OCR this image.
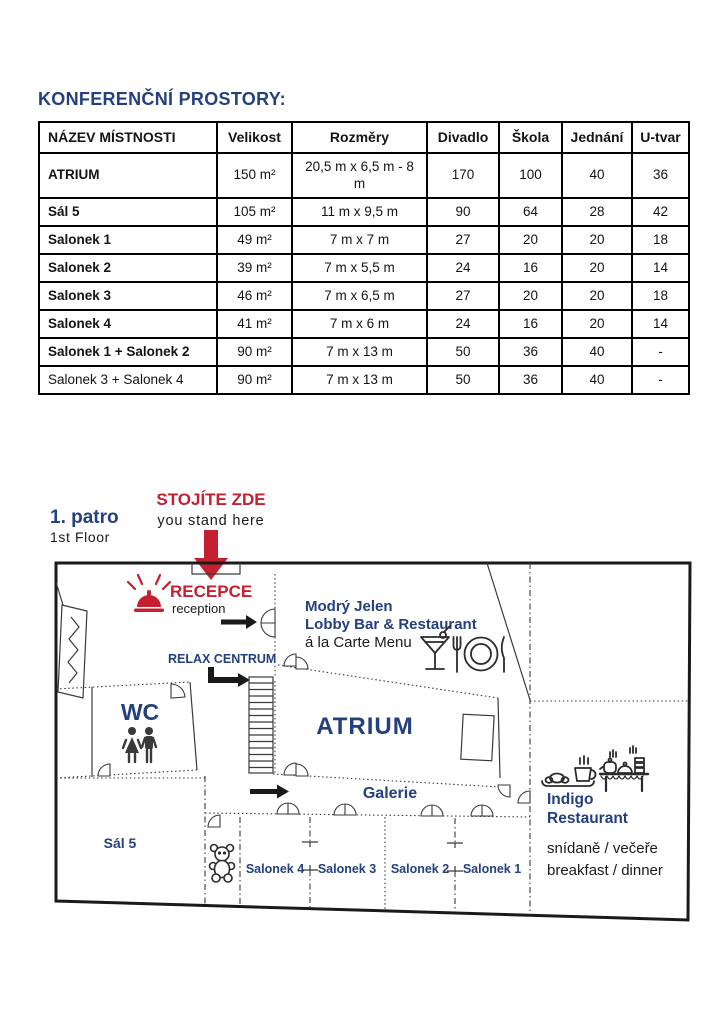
KONFERENČNÍ PROSTORY:
NÁZEV MÍSTNOSTI	Velikost	Rozměry	Divadlo	Škola	Jednání	U-tvar
ATRIUM	150 m²	20,5 m x 6,5 m - 8 m	170	100	40	36
Sál 5	105 m²	11 m x 9,5 m	90	64	28	42
Salonek 1	49 m²	7 m x 7 m	27	20	20	18
Salonek 2	39 m²	7 m x 5,5 m	24	16	20	14
Salonek 3	46 m²	7 m x 6,5 m	27	20	20	18
Salonek 4	41 m²	7 m x 6 m	24	16	20	14
Salonek 1 + Salonek 2	90 m²	7 m x 13 m	50	36	40	-
Salonek 3 + Salonek 4	90 m²	7 m x 13 m	50	36	40	-
STOJÍTE ZDE
you stand here
1. patro
1st Floor
RECEPCE
reception	Modrý Jelen
Lobby Bar & Restaurant
á la Carte Menu
RELAX CENTRUM
ATRIUM
WC
Sál 5
Galerie
Salonek 4 Salonek 3 Salonek 2 Salonek 1
Indigo
Restaurant
snídaně / večeře
breakfast / dinner
